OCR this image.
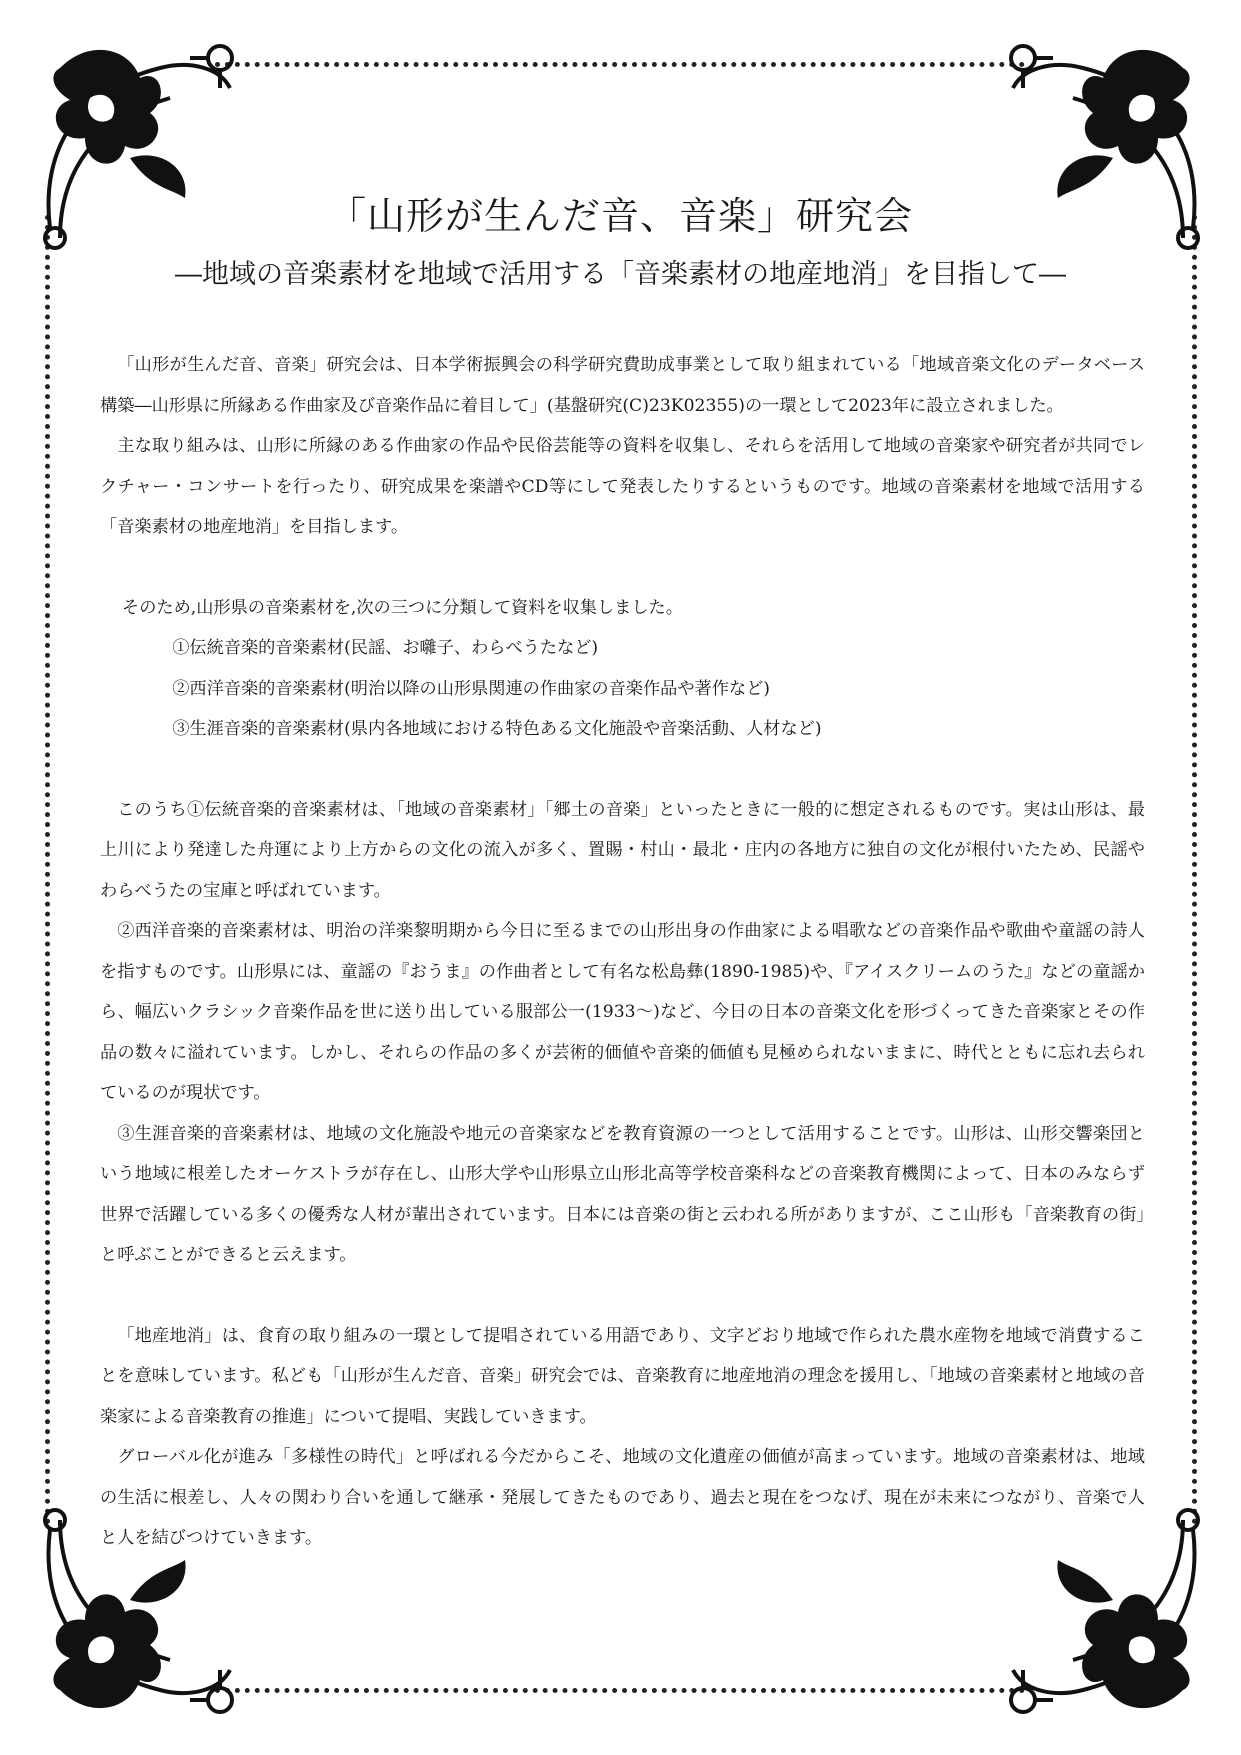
「山形が生んだ音、音楽」研究会
―地域の音楽素材を地域で活用する「音楽素材の地産地消」を目指して―

「山形が生んだ音、音楽」研究会は、日本学術振興会の科学研究費助成事業として取り組まれている「地域音楽文化のデータベース構築―山形県に所縁ある作曲家及び音楽作品に着目して」(基盤研究(C)23K02355)の一環として2023年に設立されました。

主な取り組みは、山形に所縁のある作曲家の作品や民俗芸能等の資料を収集し、それらを活用して地域の音楽家や研究者が共同でレクチャー・コンサートを行ったり、研究成果を楽譜やCD等にして発表したりするというものです。地域の音楽素材を地域で活用する「音楽素材の地産地消」を目指します。

そのため,山形県の音楽素材を,次の三つに分類して資料を収集しました。

①伝統音楽的音楽素材(民謡、お囃子、わらべうたなど)

②西洋音楽的音楽素材(明治以降の山形県関連の作曲家の音楽作品や著作など)

③生涯音楽的音楽素材(県内各地域における特色ある文化施設や音楽活動、人材など)

このうち①伝統音楽的音楽素材は、「地域の音楽素材」「郷土の音楽」といったときに一般的に想定されるものです。実は山形は、最上川により発達した舟運により上方からの文化の流入が多く、置賜・村山・最北・庄内の各地方に独自の文化が根付いたため、民謡やわらべうたの宝庫と呼ばれています。

②西洋音楽的音楽素材は、明治の洋楽黎明期から今日に至るまでの山形出身の作曲家による唱歌などの音楽作品や歌曲や童謡の詩人を指すものです。山形県には、童謡の『おうま』の作曲者として有名な松島彝(1890-1985)や、『アイスクリームのうた』などの童謡から、幅広いクラシック音楽作品を世に送り出している服部公一(1933〜)など、今日の日本の音楽文化を形づくってきた音楽家とその作品の数々に溢れています。しかし、それらの作品の多くが芸術的価値や音楽的価値も見極められないままに、時代とともに忘れ去られているのが現状です。

③生涯音楽的音楽素材は、地域の文化施設や地元の音楽家などを教育資源の一つとして活用することです。山形は、山形交響楽団という地域に根差したオーケストラが存在し、山形大学や山形県立山形北高等学校音楽科などの音楽教育機関によって、日本のみならず世界で活躍している多くの優秀な人材が輩出されています。日本には音楽の街と云われる所がありますが、ここ山形も「音楽教育の街」と呼ぶことができると云えます。

「地産地消」は、食育の取り組みの一環として提唱されている用語であり、文字どおり地域で作られた農水産物を地域で消費することを意味しています。私ども「山形が生んだ音、音楽」研究会では、音楽教育に地産地消の理念を援用し、「地域の音楽素材と地域の音楽家による音楽教育の推進」について提唱、実践していきます。

グローバル化が進み「多様性の時代」と呼ばれる今だからこそ、地域の文化遺産の価値が高まっています。地域の音楽素材は、地域の生活に根差し、人々の関わり合いを通して継承・発展してきたものであり、過去と現在をつなげ、現在が未来につながり、音楽で人と人を結びつけていきます。
